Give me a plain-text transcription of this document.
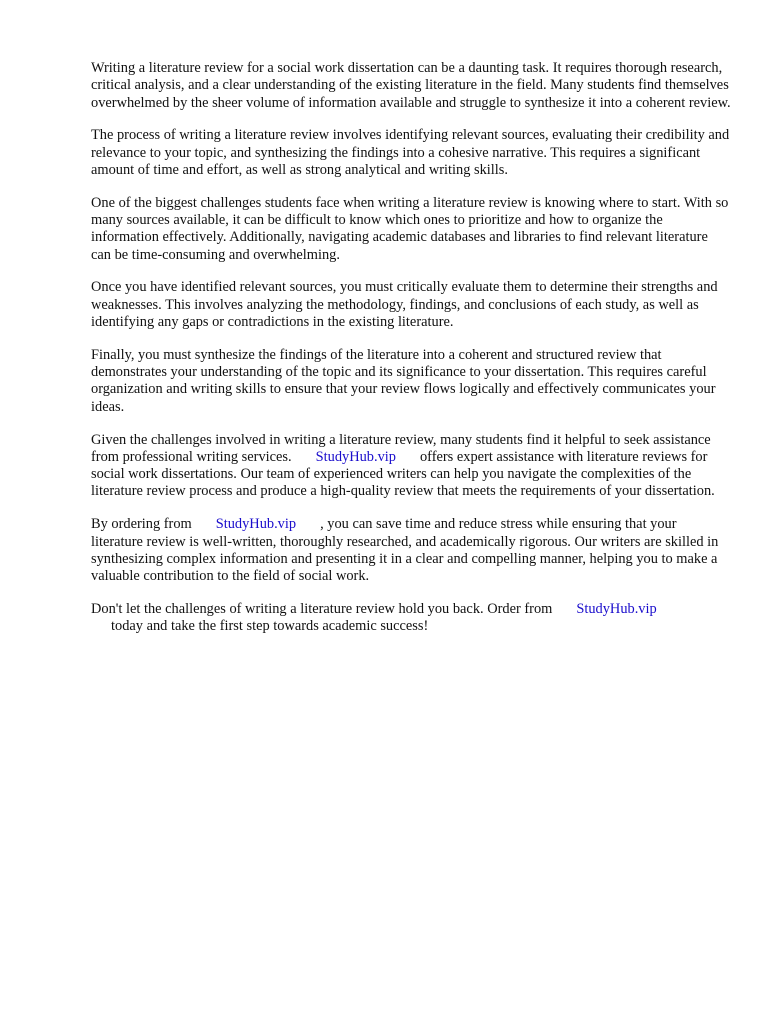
Writing a literature review for a social work dissertation can be a daunting task. It requires thorough research, critical analysis, and a clear understanding of the existing literature in the field. Many students find themselves overwhelmed by the sheer volume of information available and struggle to synthesize it into a coherent review.

The process of writing a literature review involves identifying relevant sources, evaluating their credibility and relevance to your topic, and synthesizing the findings into a cohesive narrative. This requires a significant amount of time and effort, as well as strong analytical and writing skills.

One of the biggest challenges students face when writing a literature review is knowing where to start. With so many sources available, it can be difficult to know which ones to prioritize and how to organize the information effectively. Additionally, navigating academic databases and libraries to find relevant literature can be time-consuming and overwhelming.

Once you have identified relevant sources, you must critically evaluate them to determine their strengths and weaknesses. This involves analyzing the methodology, findings, and conclusions of each study, as well as identifying any gaps or contradictions in the existing literature.

Finally, you must synthesize the findings of the literature into a coherent and structured review that demonstrates your understanding of the topic and its significance to your dissertation. This requires careful organization and writing skills to ensure that your review flows logically and effectively communicates your ideas.

Given the challenges involved in writing a literature review, many students find it helpful to seek assistance from professional writing services. StudyHub.vip offers expert assistance with literature reviews for social work dissertations. Our team of experienced writers can help you navigate the complexities of the literature review process and produce a high-quality review that meets the requirements of your dissertation.

By ordering from StudyHub.vip , you can save time and reduce stress while ensuring that your literature review is well-written, thoroughly researched, and academically rigorous. Our writers are skilled in synthesizing complex information and presenting it in a clear and compelling manner, helping you to make a valuable contribution to the field of social work.

Don't let the challenges of writing a literature review hold you back. Order from StudyHub.vip
today and take the first step towards academic success!
